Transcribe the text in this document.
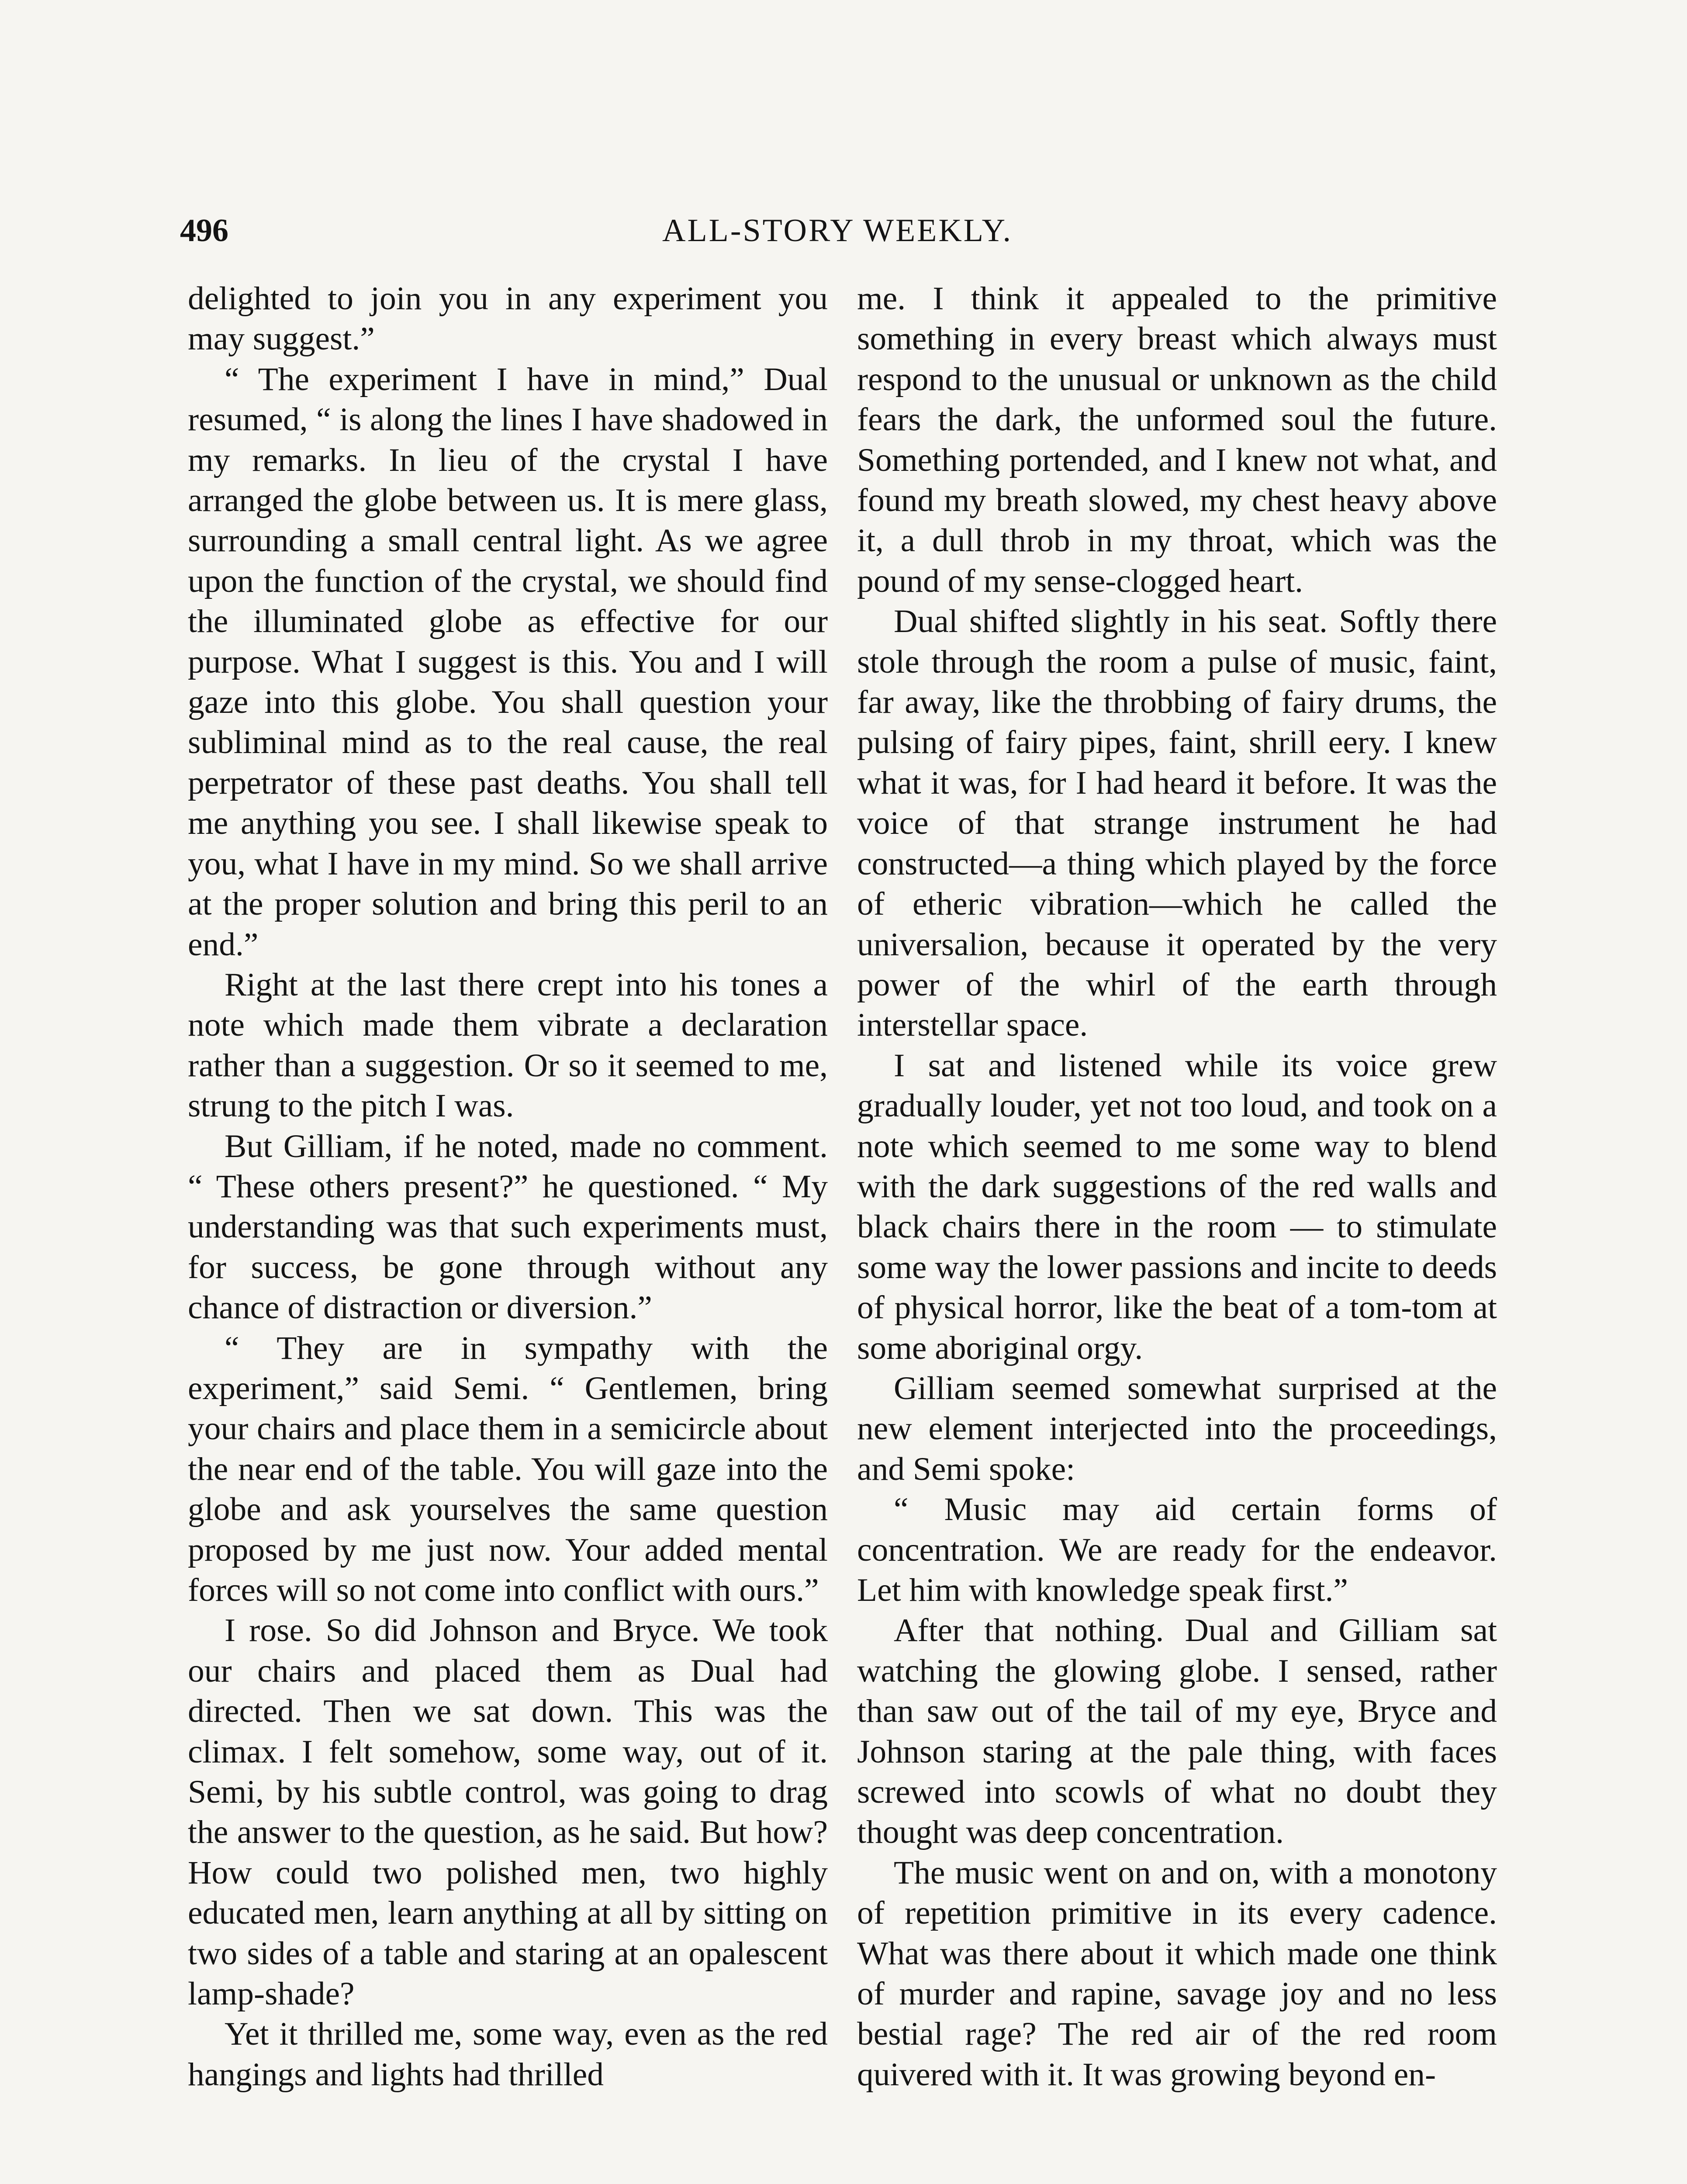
496	ALL-STORY WEEKLY.

delighted to join you in any experiment you may suggest.”

“ The experiment I have in mind,” Dual resumed, “ is along the lines I have shadowed in my remarks. In lieu of the crystal I have arranged the globe between us. It is mere glass, surrounding a small central light. As we agree upon the function of the crystal, we should find the illuminated globe as effective for our purpose. What I suggest is this. You and I will gaze into this globe. You shall question your subliminal mind as to the real cause, the real perpetrator of these past deaths. You shall tell me anything you see. I shall likewise speak to you, what I have in my mind. So we shall arrive at the proper solution and bring this peril to an end.”

Right at the last there crept into his tones a note which made them vibrate a declaration rather than a suggestion. Or so it seemed to me, strung to the pitch I was.

But Gilliam, if he noted, made no comment. “ These others present?” he questioned. “ My understanding was that such experiments must, for success, be gone through without any chance of distraction or diversion.”

“ They are in sympathy with the experiment,” said Semi. “ Gentlemen, bring your chairs and place them in a semicircle about the near end of the table. You will gaze into the globe and ask yourselves the same question proposed by me just now. Your added mental forces will so not come into conflict with ours.”

I rose. So did Johnson and Bryce. We took our chairs and placed them as Dual had directed. Then we sat down. This was the climax. I felt somehow, some way, out of it. Semi, by his subtle control, was going to drag the answer to the question, as he said. But how? How could two polished men, two highly educated men, learn anything at all by sitting on two sides of a table and staring at an opalescent lamp-shade?

Yet it thrilled me, some way, even as the red hangings and lights had thrilled

me. I think it appealed to the primitive something in every breast which always must respond to the unusual or unknown as the child fears the dark, the unformed soul the future. Something portended, and I knew not what, and found my breath slowed, my chest heavy above it, a dull throb in my throat, which was the pound of my sense-clogged heart.

Dual shifted slightly in his seat. Softly there stole through the room a pulse of music, faint, far away, like the throbbing of fairy drums, the pulsing of fairy pipes, faint, shrill eery. I knew what it was, for I had heard it before. It was the voice of that strange instrument he had constructed—a thing which played by the force of etheric vibration—which he called the universalion, because it operated by the very power of the whirl of the earth through interstellar space.

I sat and listened while its voice grew gradually louder, yet not too loud, and took on a note which seemed to me some way to blend with the dark suggestions of the red walls and black chairs there in the room — to stimulate some way the lower passions and incite to deeds of physical horror, like the beat of a tom-tom at some aboriginal orgy.

Gilliam seemed somewhat surprised at the new element interjected into the proceedings, and Semi spoke:

“ Music may aid certain forms of concentration. We are ready for the endeavor. Let him with knowledge speak first.”

After that nothing. Dual and Gilliam sat watching the glowing globe. I sensed, rather than saw out of the tail of my eye, Bryce and Johnson staring at the pale thing, with faces screwed into scowls of what no doubt they thought was deep concentration.

The music went on and on, with a monotony of repetition primitive in its every cadence. What was there about it which made one think of murder and rapine, savage joy and no less bestial rage? The red air of the red room quivered with it. It was growing beyond en-
